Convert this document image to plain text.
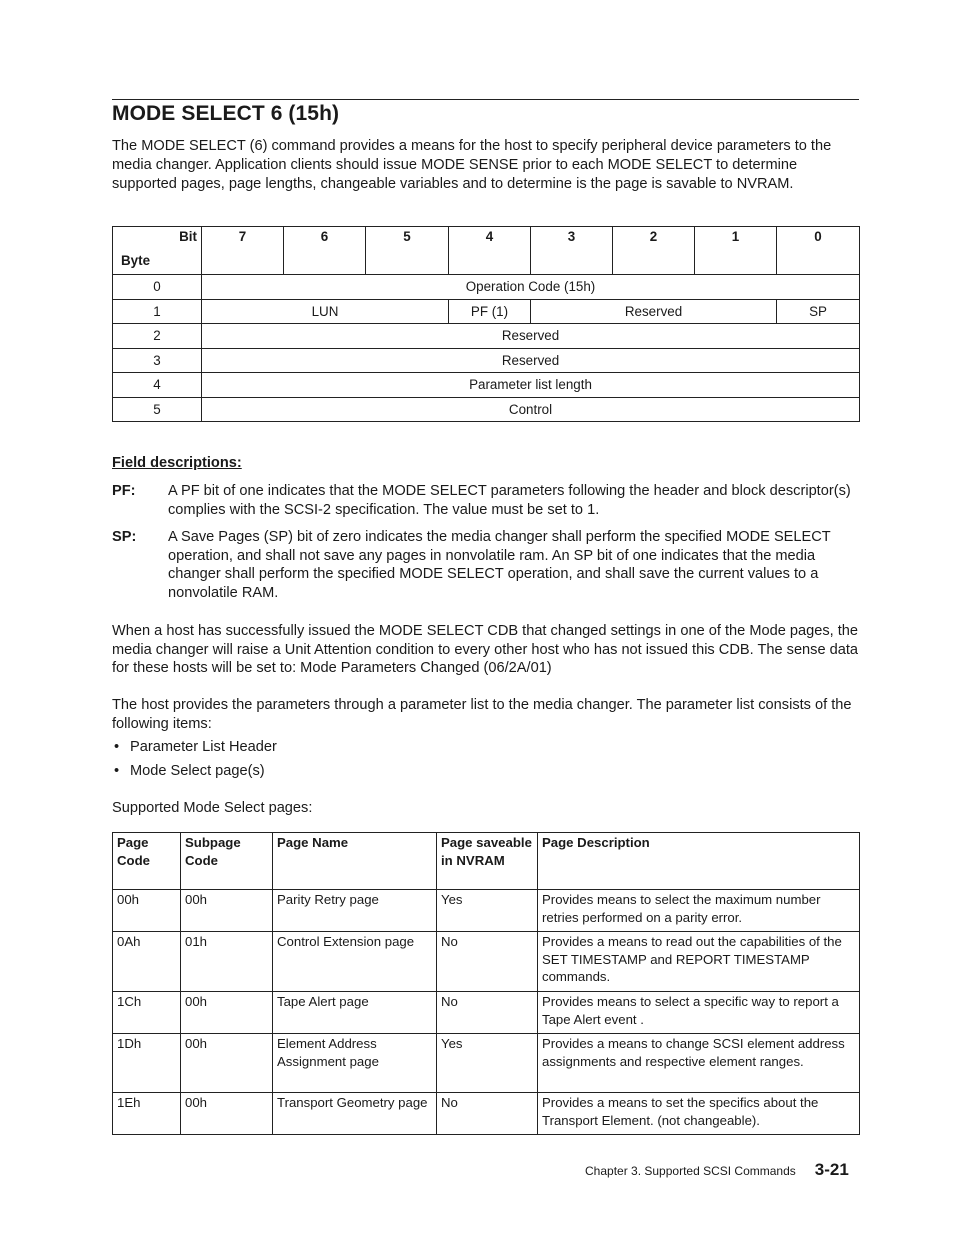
MODE SELECT 6 (15h)

The MODE SELECT (6) command provides a means for the host to specify peripheral device parameters to the media changer. Application clients should issue MODE SENSE prior to each MODE SELECT to determine supported pages, page lengths, changeable variables and to determine is the page is savable to NVRAM.

Bit
Byte	7	6	5	4	3	2	1	0
0	Operation Code (15h)							
1	LUN			PF (1)	Reserved			SP
2	Reserved							
3	Reserved							
4	Parameter list length							
5	Control							

Field descriptions:

PF:	A PF bit of one indicates that the MODE SELECT parameters following the header and block descriptor(s) complies with the SCSI-2 specification. The value must be set to 1.
SP:	A Save Pages (SP) bit of zero indicates the media changer shall perform the specified MODE SELECT operation, and shall not save any pages in nonvolatile ram. An SP bit of one indicates that the media changer shall perform the specified MODE SELECT operation, and shall save the current values to a nonvolatile RAM.

When a host has successfully issued the MODE SELECT CDB that changed settings in one of the Mode pages, the media changer will raise a Unit Attention condition to every other host who has not issued this CDB. The sense data for these hosts will be set to: Mode Parameters Changed (06/2A/01)

The host provides the parameters through a parameter list to the media changer. The parameter list consists of the following items:

• Parameter List Header
• Mode Select page(s)

Supported Mode Select pages:

Page Code	Subpage Code	Page Name	Page saveable in NVRAM	Page Description
00h	00h	Parity Retry page	Yes	Provides means to select the maximum number retries performed on a parity error.
0Ah	01h	Control Extension page	No	Provides a means to read out the capabilities of the SET TIMESTAMP and REPORT TIMESTAMP commands.
1Ch	00h	Tape Alert page	No	Provides means to select a specific way to report a Tape Alert event .
1Dh	00h	Element Address Assignment page	Yes	Provides a means to change SCSI element address assignments and respective element ranges.
1Eh	00h	Transport Geometry page	No	Provides a means to set the specifics about the Transport Element. (not changeable).
Chapter 3. Supported SCSI Commands 3-21
